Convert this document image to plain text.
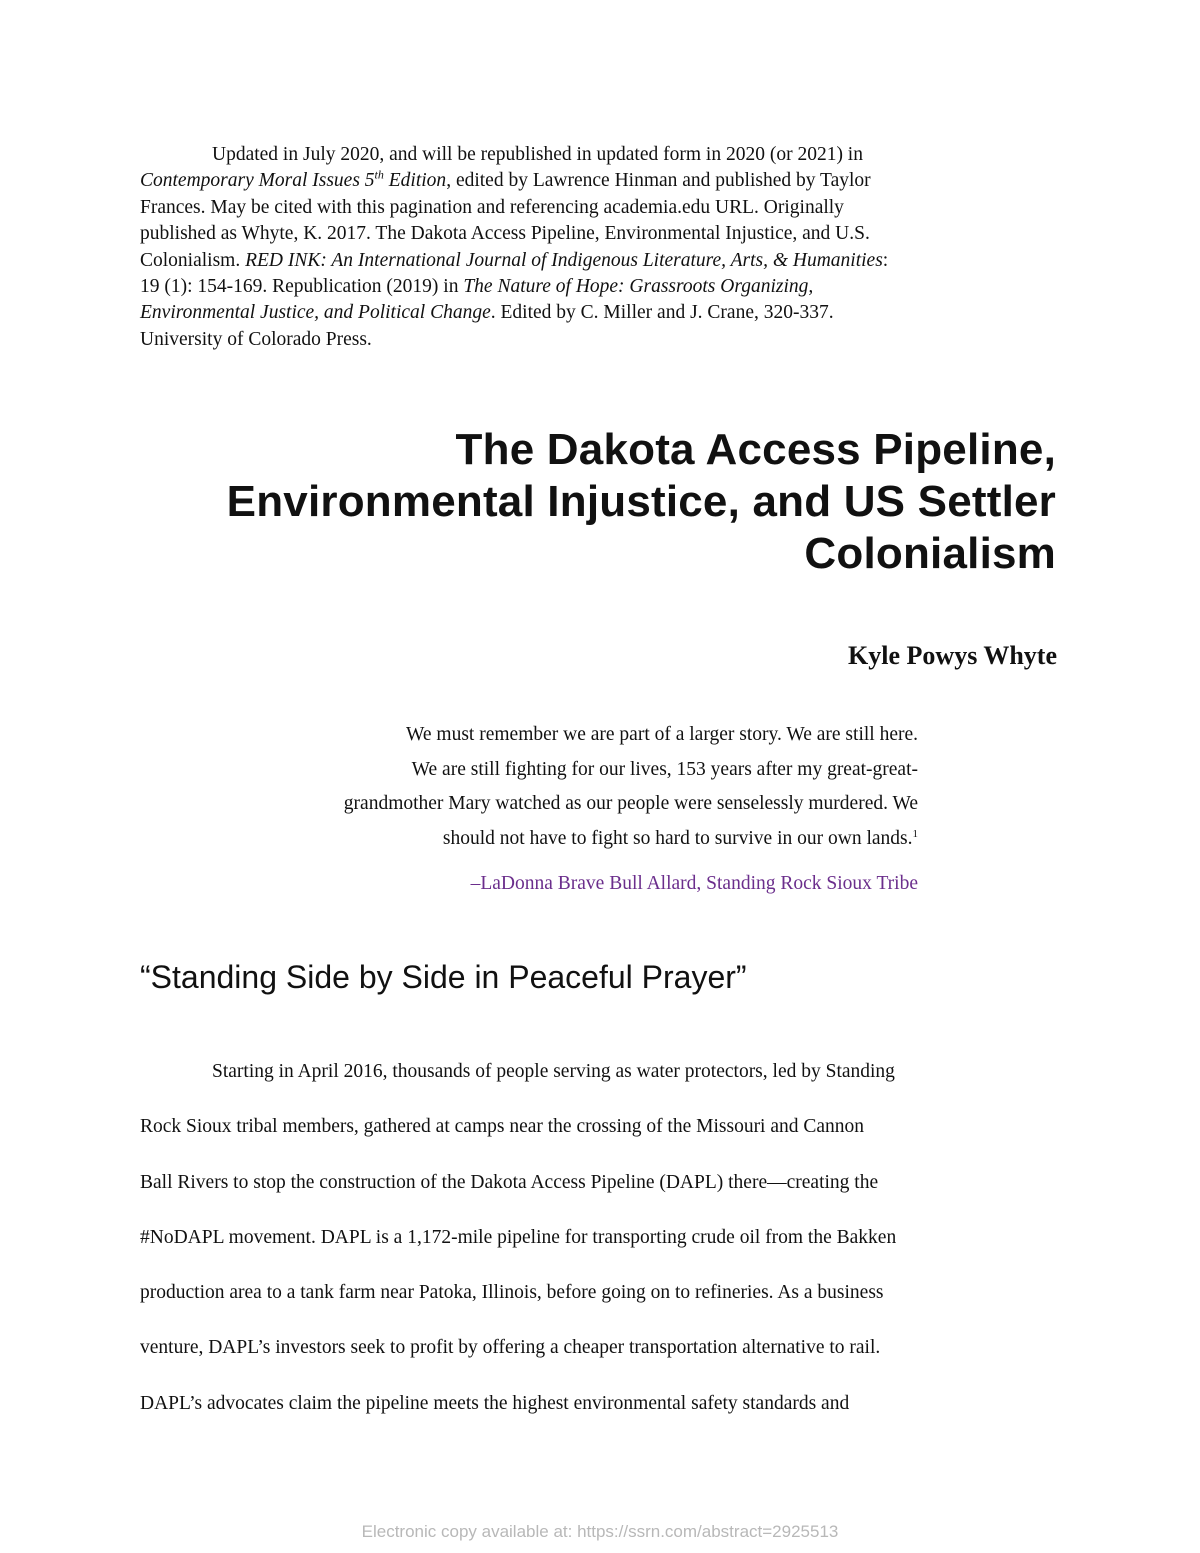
Updated in July 2020, and will be republished in updated form in 2020 (or 2021) in
Contemporary Moral Issues 5th Edition, edited by Lawrence Hinman and published by Taylor
Frances. May be cited with this pagination and referencing academia.edu URL. Originally
published as Whyte, K. 2017. The Dakota Access Pipeline, Environmental Injustice, and U.S.
Colonialism. RED INK: An International Journal of Indigenous Literature, Arts, & Humanities:
19 (1): 154-169. Republication (2019) in The Nature of Hope: Grassroots Organizing,
Environmental Justice, and Political Change. Edited by C. Miller and J. Crane, 320-337.
University of Colorado Press.
The Dakota Access Pipeline,
Environmental Injustice, and US Settler
Colonialism

Kyle Powys Whyte

We must remember we are part of a larger story. We are still here.
We are still fighting for our lives, 153 years after my great-great-
grandmother Mary watched as our people were senselessly murdered. We
should not have to fight so hard to survive in our own lands.$^1$

–LaDonna Brave Bull Allard, Standing Rock Sioux Tribe

“Standing Side by Side in Peaceful Prayer”
Starting in April 2016, thousands of people serving as water protectors, led by Standing
Rock Sioux tribal members, gathered at camps near the crossing of the Missouri and Cannon
Ball Rivers to stop the construction of the Dakota Access Pipeline (DAPL) there—creating the
#NoDAPL movement. DAPL is a 1,172-mile pipeline for transporting crude oil from the Bakken
production area to a tank farm near Patoka, Illinois, before going on to refineries. As a business
venture, DAPL’s investors seek to profit by offering a cheaper transportation alternative to rail.
DAPL’s advocates claim the pipeline meets the highest environmental safety standards and

Electronic copy available at: https://ssrn.com/abstract=2925513
